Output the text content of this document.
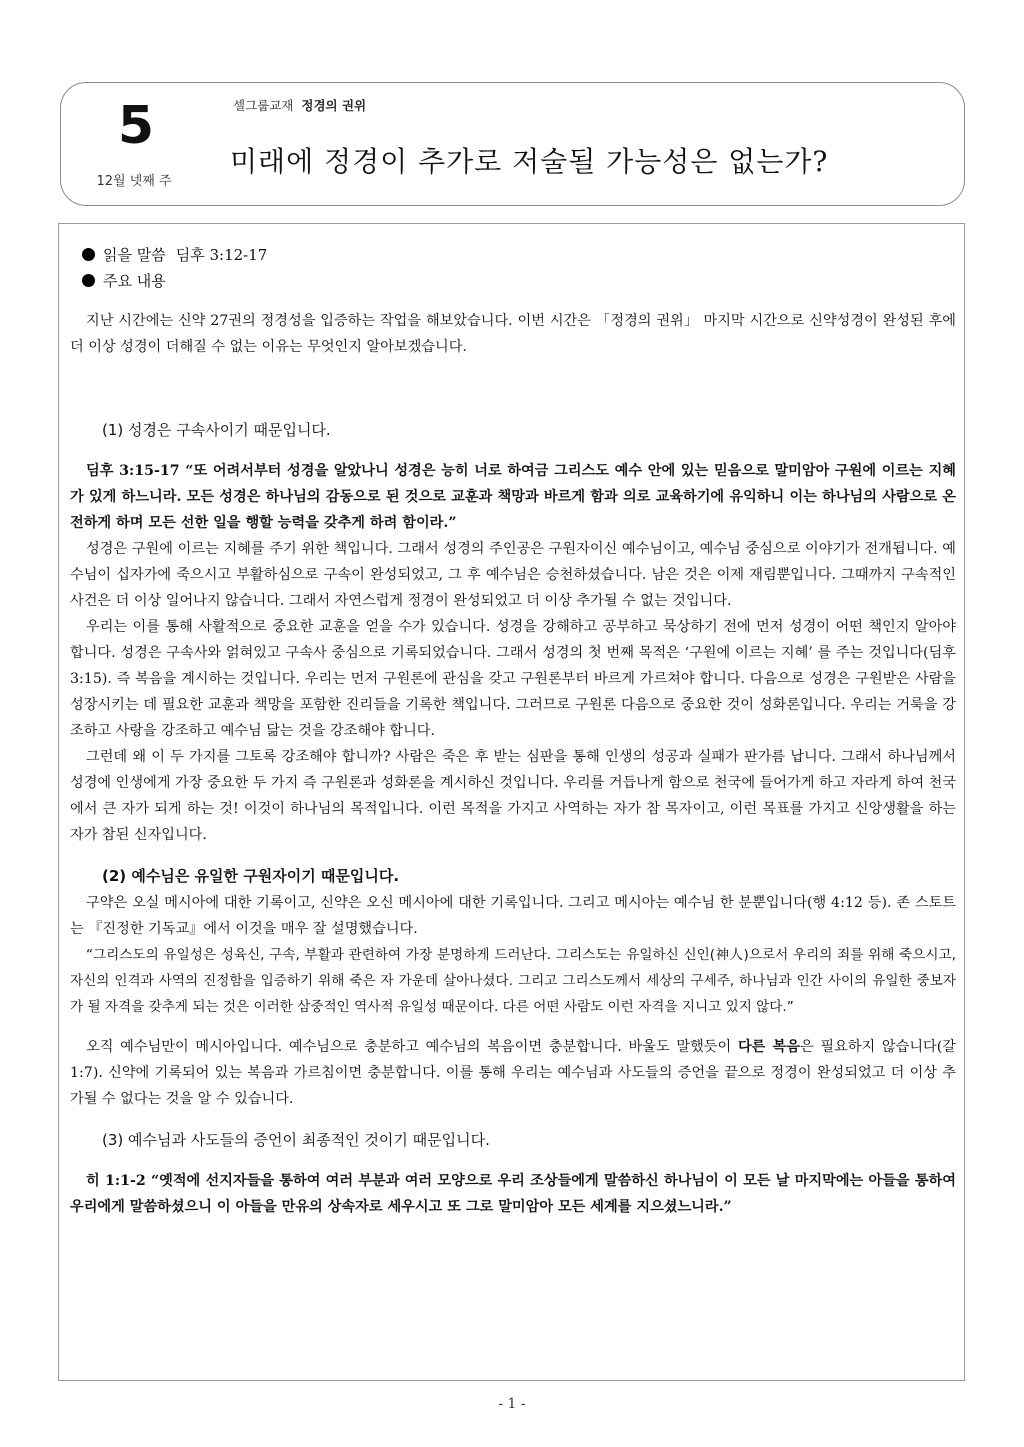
5
12월 넷째 주
셀그룹교재 정경의 권위
미래에 정경이 추가로 저술될 가능성은 없는가?
읽을 말씀 딤후 3:12-17
주요 내용

지난 시간에는 신약 27권의 정경성을 입증하는 작업을 해보았습니다. 이번 시간은 「정경의 권위」 마지막 시간으로 신약성경이 완성된 후에 더 이상 성경이 더해질 수 없는 이유는 무엇인지 알아보겠습니다.

(1) 성경은 구속사이기 때문입니다.

딤후 3:15-17 “또 어려서부터 성경을 알았나니 성경은 능히 너로 하여금 그리스도 예수 안에 있는 믿음으로 말미암아 구원에 이르는 지혜가 있게 하느니라. 모든 성경은 하나님의 감동으로 된 것으로 교훈과 책망과 바르게 함과 의로 교육하기에 유익하니 이는 하나님의 사람으로 온전하게 하며 모든 선한 일을 행할 능력을 갖추게 하려 함이라.”

성경은 구원에 이르는 지혜를 주기 위한 책입니다. 그래서 성경의 주인공은 구원자이신 예수님이고, 예수님 중심으로 이야기가 전개됩니다. 예수님이 십자가에 죽으시고 부활하심으로 구속이 완성되었고, 그 후 예수님은 승천하셨습니다. 남은 것은 이제 재림뿐입니다. 그때까지 구속적인 사건은 더 이상 일어나지 않습니다. 그래서 자연스럽게 정경이 완성되었고 더 이상 추가될 수 없는 것입니다.

우리는 이를 통해 사활적으로 중요한 교훈을 얻을 수가 있습니다. 성경을 강해하고 공부하고 묵상하기 전에 먼저 성경이 어떤 책인지 알아야 합니다. 성경은 구속사와 얽혀있고 구속사 중심으로 기록되었습니다. 그래서 성경의 첫 번째 목적은 ‘구원에 이르는 지혜’ 를 주는 것입니다(딤후 3:15). 즉 복음을 계시하는 것입니다. 우리는 먼저 구원론에 관심을 갖고 구원론부터 바르게 가르쳐야 합니다. 다음으로 성경은 구원받은 사람을 성장시키는 데 필요한 교훈과 책망을 포함한 진리들을 기록한 책입니다. 그러므로 구원론 다음으로 중요한 것이 성화론입니다. 우리는 거룩을 강조하고 사랑을 강조하고 예수님 닮는 것을 강조해야 합니다.

그런데 왜 이 두 가지를 그토록 강조해야 합니까? 사람은 죽은 후 받는 심판을 통해 인생의 성공과 실패가 판가름 납니다. 그래서 하나님께서 성경에 인생에게 가장 중요한 두 가지 즉 구원론과 성화론을 계시하신 것입니다. 우리를 거듭나게 함으로 천국에 들어가게 하고 자라게 하여 천국에서 큰 자가 되게 하는 것! 이것이 하나님의 목적입니다. 이런 목적을 가지고 사역하는 자가 참 목자이고, 이런 목표를 가지고 신앙생활을 하는 자가 참된 신자입니다.

(2) 예수님은 유일한 구원자이기 때문입니다.

구약은 오실 메시아에 대한 기록이고, 신약은 오신 메시아에 대한 기록입니다. 그리고 메시아는 예수님 한 분뿐입니다(행 4:12 등). 존 스토트는 『진정한 기독교』에서 이것을 매우 잘 설명했습니다.

“그리스도의 유일성은 성육신, 구속, 부활과 관련하여 가장 분명하게 드러난다. 그리스도는 유일하신 신인(神人)으로서 우리의 죄를 위해 죽으시고, 자신의 인격과 사역의 진정함을 입증하기 위해 죽은 자 가운데 살아나셨다. 그리고 그리스도께서 세상의 구세주, 하나님과 인간 사이의 유일한 중보자가 될 자격을 갖추게 되는 것은 이러한 삼중적인 역사적 유일성 때문이다. 다른 어떤 사람도 이런 자격을 지니고 있지 않다.”

오직 예수님만이 메시아입니다. 예수님으로 충분하고 예수님의 복음이면 충분합니다. 바울도 말했듯이 다른 복음은 필요하지 않습니다(갈 1:7). 신약에 기록되어 있는 복음과 가르침이면 충분합니다. 이를 통해 우리는 예수님과 사도들의 증언을 끝으로 정경이 완성되었고 더 이상 추가될 수 없다는 것을 알 수 있습니다.

(3) 예수님과 사도들의 증언이 최종적인 것이기 때문입니다.

히 1:1-2 “옛적에 선지자들을 통하여 여러 부분과 여러 모양으로 우리 조상들에게 말씀하신 하나님이 이 모든 날 마지막에는 아들을 통하여 우리에게 말씀하셨으니 이 아들을 만유의 상속자로 세우시고 또 그로 말미암아 모든 세계를 지으셨느니라.”

- 1 -
